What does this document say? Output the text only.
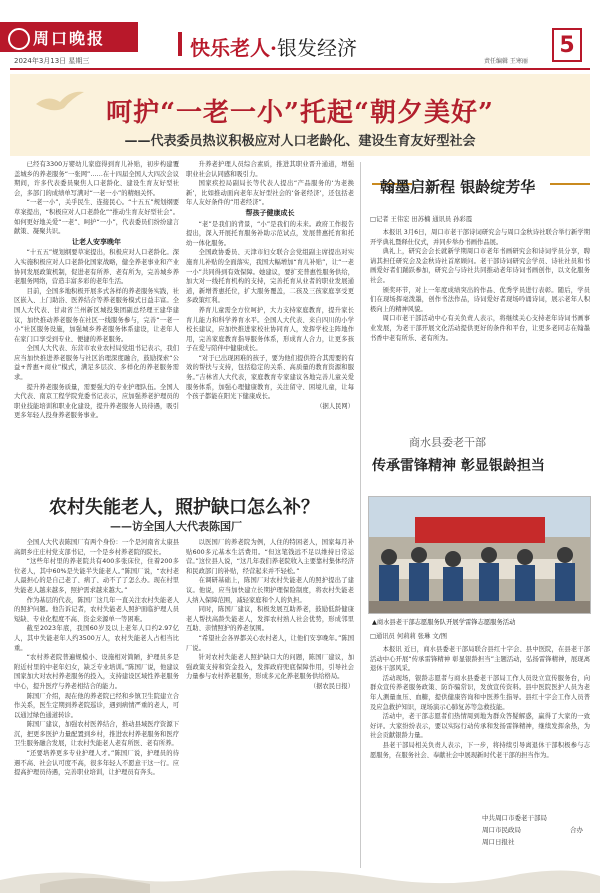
周口晚报
2024年3月13日 星期三
快乐老人·银发经济
责任编辑 王寒丽
5
呵护“一老一小”托起“朝夕美好”
——代表委员热议积极应对人口老龄化、建设生育友好型社会

已经有3300万婴幼儿家庭得到育儿补贴，初步构建覆盖城乡的养老服务“一张网”……在十四届全国人大四次会议期间，许多代表委员聚焦人口老龄化、建设生育友好型社会，多部门的成绩单写满对“一老一小”的精细关怀。

“一老一小”，关乎民生、连接民心。“十五五”规划纲要草案提出，“积极应对人口老龄化”“推动生育友好型社会”。如何更好地关爱“一老”、呵护“一小”，代表委员们纷纷建言献策、凝聚共识。

让老人安享晚年

“十五五”规划纲要草案提出，积极应对人口老龄化。深入实施积极应对人口老龄化国家战略，健全养老事业和产业协同发展政策机制，促进老有所养、老有所为，完善城乡养老服务网络，营造丰富多彩的老年生活。

目前，全国多地积极开展多式各样的养老服务实践，社区嵌入、上门助浴、医养结合等养老服务模式日益丰富。全国人大代表、甘肃省兰州新区城投集团副总经理王建华建议，加快推动养老服务在社区一线服务参与，完善“一老一小”社区服务设施，加强城乡养老服务体系建设，让老年人在家门口享受到专业、便捷的养老服务。

全国人大代表、东营市农业农村局党组书记表示，我们应当加快推进养老服务与社区治理深度融合，鼓励探索“公益+普惠+商业”模式，满足多层次、多样化的养老服务需求。

提升养老服务质量，需要强大的专业护理队伍。全国人大代表、南京工程学院党委书记表示，应加强养老护理员的职业技能培训和职业化建设，提升养老服务人员待遇，吸引更多年轻人投身养老服务事业。

升养老护理人员综合素质，推进其职业晋升通道，增强职业社会认同感和吸引力。

国家疾控局副局长等代表人提出“产品服务的‘为老换新’，比如推动面向老年友好型社会的‘备老经济’，还包括老年人友好条件的“用老经济”。

帮孩子健康成长

“老”是我们的背景，“小”是我们的未来。政府工作报告提出，深入开展托育服务补助示范试点，发展普惠托育和托幼一体化服务。

全国政协委员、天津市妇女联合会党组副主席提出对实施育儿补贴的全面落实，我国大幅增加“育儿补贴”，让“一老一小”共同得到有效保障。她建议，要扩充普惠性服务供给，加大对一线托育机构的支持，完善托育从业者的职业发展通道，新增普惠托位，扩大服务覆盖，二孩及三孩家庭享受更多政策红利。

养育儿童需全方位呵护，大力支持家庭教育，提升家长育儿能力和科学养育水平。全国人大代表、来自四川的小学校长建议，应加快推进家校社协同育人，发挥学校主阵地作用，完善家庭教育指导服务体系，形成育人合力，让更多孩子在爱与陪伴中健康成长。

“对于已出现困难的孩子，要为他们提供符合其需要的有效的帮扶与支持，包括稳定的关系、高质量的教育资源和服务。”吉林省人大代表，家庭教育专家建议各地完善儿童关爱服务体系，加强心理健康教育，关注留守、困境儿童，让每个孩子都能在阳光下健康成长。

（据人民网）
农村失能老人，照护缺口怎么补？
——访全国人大代表陈国厂

全国人大代表陈国厂有两个身份：一个是河南省太康县高朗乡庄庄村党支部书记，一个是乡村养老院的院长。

“这些年村里的养老院共有400多张床位，住着200多位老人，其中60%是失能半失能老人。”陈国厂说，“农村老人最担心的是自己老了、病了、动不了了怎么办。现在村里失能老人越来越多，照护需求越来越大。”

作为基层的代表，陈国厂这几年一直关注农村失能老人的照护问题。他告诉记者，农村失能老人照护面临护理人员短缺、专业化程度不高、资金来源单一等困难。

截至2023年底，我国60岁及以上老年人口约2.97亿人，其中失能老年人约3500万人，农村失能老人占相当比重。

“农村养老院普遍规模小、设施相对简陋，护理员多是附近村里的中老年妇女，缺乏专业培训。”陈国厂说，他建议国家加大对农村养老服务的投入，支持建设区域性养老服务中心，提升医疗与养老相结合的能力。

陈国厂介绍，现在他的养老院已经和乡镇卫生院建立合作关系，医生定期到养老院巡诊，遇到病情严重的老人，可以通过绿色通道转诊。

陈国厂建议，加强农村医养结合，推动县域医疗资源下沉，把更多医护力量配置到乡村，推进农村养老服务和医疗卫生服务融合发展，让农村失能老人老有所医、老有所养。

“还要培养更多专业护理人才。”陈国厂说，护理员的待遇不高、社会认可度不高，很多年轻人不愿意干这一行。应提高护理员待遇，完善职业培训，让护理员有奔头。

以医国厂的养老院为例，人住的特困老人，国家每月补贴600多元基本生活费用。“但这笔钱远不足以维持日常运营。”这位县人说，“这几年我们养老院收入主要靠村集体经济和民政部门的补贴，经营起来并不轻松。”

在调研基础上，陈国厂对农村失能老人的照护提出了建议。他说，应当加快建立长期护理保险制度，将农村失能老人纳入保障范围，减轻家庭和个人的负担。

同时，陈国厂建议，积极发展互助养老，鼓励低龄健康老人帮扶高龄失能老人，发挥农村熟人社会优势，形成邻里互助、亲情照护的养老氛围。

“希望社会各界都关心农村老人，让他们安享晚年。”陈国厂说。

针对农村失能老人照护缺口大的问题，陈国厂建议，加强政策支持和资金投入，发挥政府兜底保障作用，引导社会力量参与农村养老服务，形成多元化养老服务供给格局。

（据农民日报）
翰墨启新程 银龄绽芳华
□记者 王伟宏 田苏楠 通讯员 孙彩霞

本报讯 3月6日，周口市老干部诗词研究会与周口金秋诗社联合举行新学期开学典礼暨释仕仪式，并同步举办书画作品展。

典礼上，研究会会长就新学期周口市老年书画研究会和诗词学员分享，聘请其担任研究会及金秋诗社首席顾问。老干部诗词研究会学员、诗社社员和书画爱好者们踊跃参加，研究会与诗社共同推动老年诗词书画创作，以文化服务社会。

颁奖环节，对上一年度成绩突出的作品、优秀学员进行表彰。随后，学员们在现场挥毫泼墨，创作书法作品，诗词爱好者现场吟诵诗词，展示老年人积极向上的精神风貌。

周口市老干部活动中心有关负责人表示，将继续关心支持老年诗词书画事业发展，为老干部开展文化活动提供更好的条件和平台，让更多老同志在翰墨书香中老有所乐、老有所为。

商水县委老干部
传承雷锋精神 彰显银龄担当
▲商水县老干部志愿服务队开展学雷锋志愿服务活动
□通讯员 何莉莉 张琳 文/图

本报讯 近日，商水县委老干部局联合县红十字会、县中医院，在县老干部活动中心开展“传承雷锋精神 彰显银龄担当”主题活动，弘扬雷锋精神，展现离退休干部风采。

活动现场，银龄志愿者与商水县委老干部局工作人员设立宣传服务台，向群众宣传养老服务政策、防诈骗常识，发放宣传资料。县中医院医护人员为老年人测量血压、血糖，提供健康咨询和中医养生指导。县红十字会工作人员普及应急救护知识，现场演示心肺复苏等急救技能。

活动中，老干部志愿者们热情周到地为群众答疑解惑，赢得了大家的一致好评。大家纷纷表示，要以实际行动传承和发扬雷锋精神，继续发挥余热，为社会贡献银龄力量。

县老干部局相关负责人表示，下一步，将持续引导离退休干部积极参与志愿服务，在服务社会、奉献社会中展现新时代老干部的担当作为。

中共周口市委老干部局
周口市民政局
周口日报社
合办
